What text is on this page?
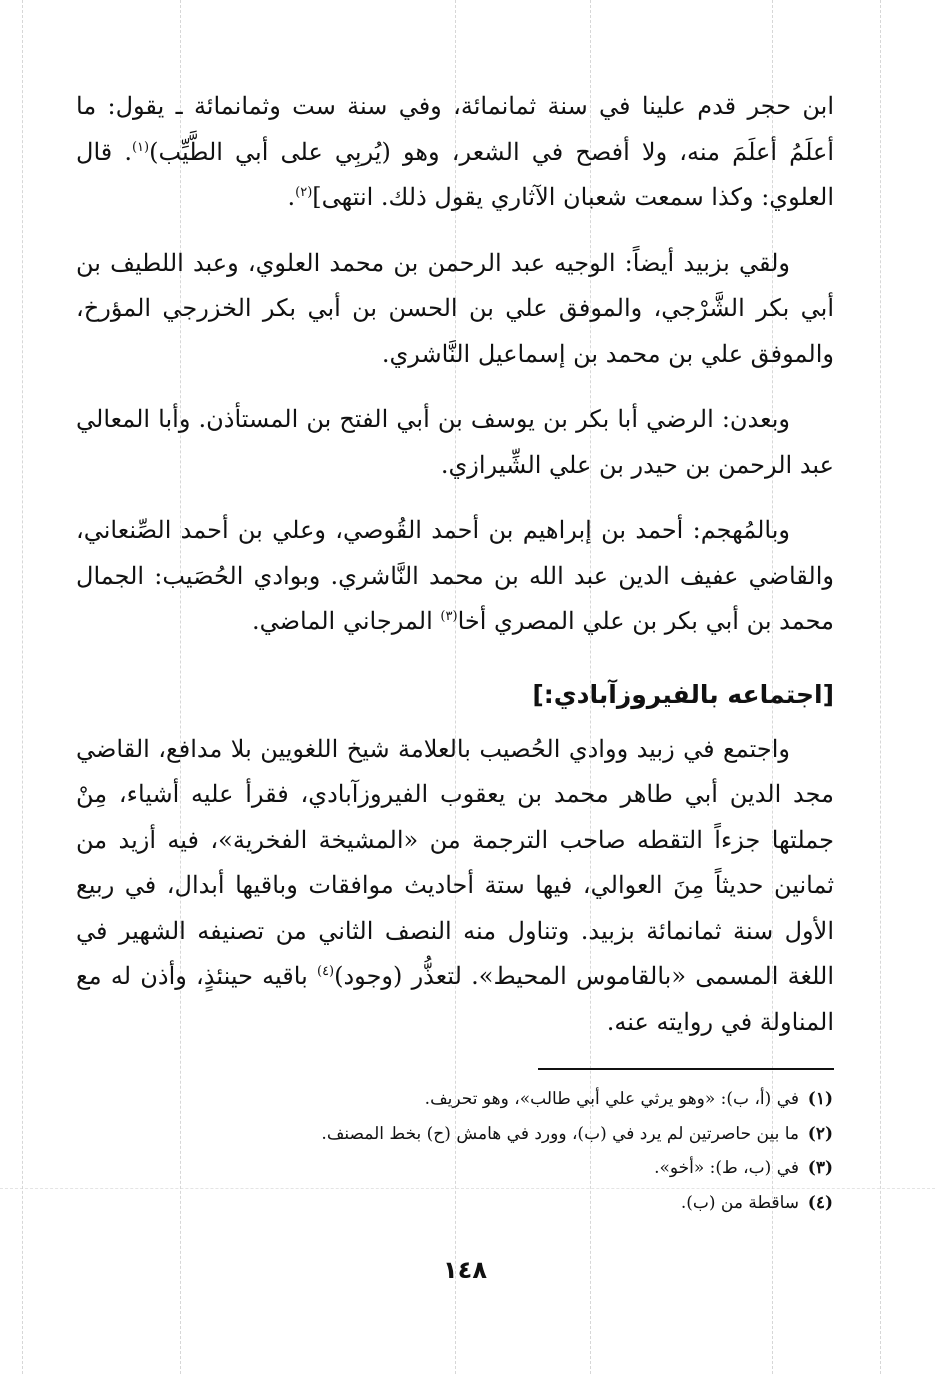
ابن حجر قدم علينا في سنة ثمانمائة، وفي سنة ست وثمانمائة ـ يقول: ما أعلَمُ أعلَمَ منه، ولا أفصح في الشعر، وهو (يُربِي على أبي الطَّيِّب)$^{(١)}$. قال العلوي: وكذا سمعت شعبان الآثاري يقول ذلك. انتهى]$^{(٢)}$.

ولقي بزبيد أيضاً: الوجيه عبد الرحمن بن محمد العلوي، وعبد اللطيف بن أبي بكر الشَّرْجي، والموفق علي بن الحسن بن أبي بكر الخزرجي المؤرخ، والموفق علي بن محمد بن إسماعيل النَّاشري.

وبعدن: الرضي أبا بكر بن يوسف بن أبي الفتح بن المستأذن. وأبا المعالي عبد الرحمن بن حيدر بن علي الشِّيرازي.

وبالمُهجم: أحمد بن إبراهيم بن أحمد القُوصي، وعلي بن أحمد الصِّنعاني، والقاضي عفيف الدين عبد الله بن محمد النَّاشري. وبوادي الحُصَيب: الجمال محمد بن أبي بكر بن علي المصري أخا$^{(٣)}$ المرجاني الماضي.

[اجتماعه بالفيروزآبادي:]

واجتمع في زبيد ووادي الحُصيب بالعلامة شيخ اللغويين بلا مدافع، القاضي مجد الدين أبي طاهر محمد بن يعقوب الفيروزآبادي، فقرأ عليه أشياء، مِنْ جملتها جزءاً التقطه صاحب الترجمة من «المشيخة الفخرية»، فيه أزيد من ثمانين حديثاً مِنَ العوالي، فيها ستة أحاديث موافقات وباقيها أبدال، في ربيع الأول سنة ثمانمائة بزبيد. وتناول منه النصف الثاني من تصنيفه الشهير في اللغة المسمى «بالقاموس المحيط». لتعذُّر (وجود)$^{(٤)}$ باقيه حينئذٍ، وأذن له مع المناولة في روايته عنه.

(١)في (أ، ب): «وهو يرثي علي أبي طالب»، وهو تحريف.
(٢)ما بين حاصرتين لم يرد في (ب)، وورد في هامش (ح) بخط المصنف.
(٣)في (ب، ط): «أخو».
(٤)ساقطة من (ب).
١٤٨
